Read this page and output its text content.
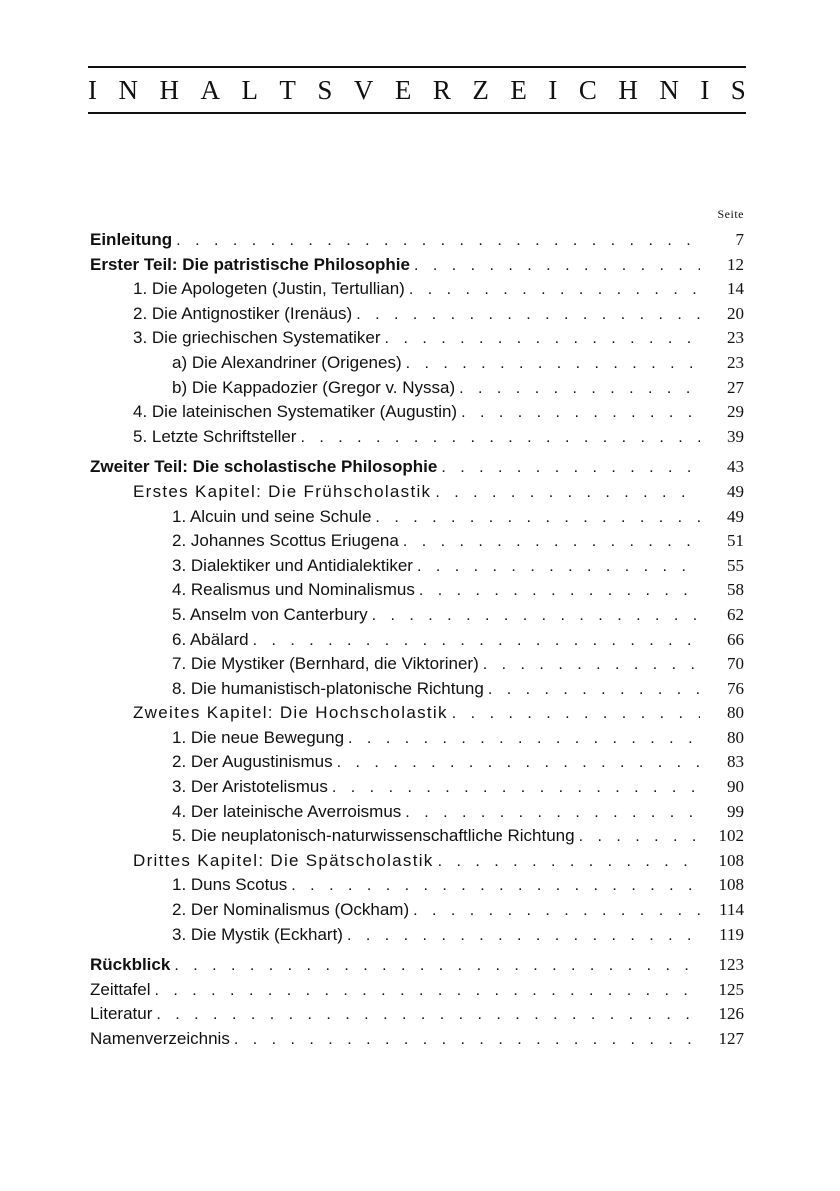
I N H A L T S V E R Z E I C H N I S
Seite
Einleitung . . .	7
Erster Teil: Die patristische Philosophie . . .	12
1. Die Apologeten (Justin, Tertullian) . . .	14
2. Die Antignostiker (Irenäus) . . .	20
3. Die griechischen Systematiker . . .	23
a) Die Alexandriner (Origenes) . . .	23
b) Die Kappadozier (Gregor v. Nyssa) . . .	27
4. Die lateinischen Systematiker (Augustin) . . .	29
5. Letzte Schriftsteller . . .	39
Zweiter Teil: Die scholastische Philosophie . . .	43
Erstes Kapitel: Die Frühscholastik . . .	49
1. Alcuin und seine Schule . . .	49
2. Johannes Scottus Eriugena . . .	51
3. Dialektiker und Antidialektiker . . .	55
4. Realismus und Nominalismus . . .	58
5. Anselm von Canterbury . . .	62
6. Abälard . . .	66
7. Die Mystiker (Bernhard, die Viktoriner) . . .	70
8. Die humanistisch-platonische Richtung . . .	76
Zweites Kapitel: Die Hochscholastik . . .	80
1. Die neue Bewegung . . .	80
2. Der Augustinismus . . .	83
3. Der Aristotelismus . . .	90
4. Der lateinische Averroismus . . .	99
5. Die neuplatonisch-naturwissenschaftliche Richtung . . .	102
Drittes Kapitel: Die Spätscholastik . . .	108
1. Duns Scotus . . .	108
2. Der Nominalismus (Ockham) . . .	114
3. Die Mystik (Eckhart) . . .	119
Rückblick . . .	123
Zeittafel . . .	125
Literatur . . .	126
Namenverzeichnis . . .	127
